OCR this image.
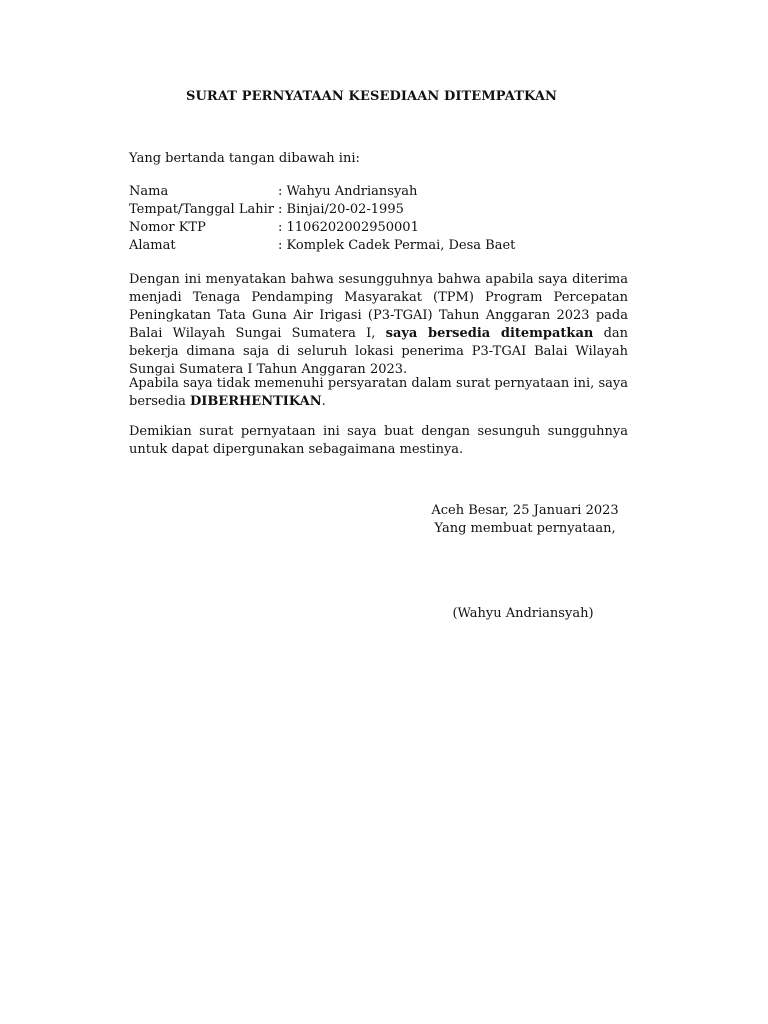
SURAT PERNYATAAN KESEDIAAN DITEMPATKAN
Yang bertanda tangan dibawah ini:
Nama	: Wahyu Andriansyah
Tempat/Tanggal Lahir : Binjai/20-02-1995
Nomor KTP	: 1106202002950001
Alamat	: Komplek Cadek Permai, Desa Baet

Dengan ini menyatakan bahwa sesungguhnya bahwa apabila saya diterima menjadi Tenaga Pendamping Masyarakat (TPM) Program Percepatan Peningkatan Tata Guna Air Irigasi (P3-TGAI) Tahun Anggaran 2023 pada Balai Wilayah Sungai Sumatera I, saya bersedia ditempatkan dan bekerja dimana saja di seluruh lokasi penerima P3-TGAI Balai Wilayah Sungai Sumatera I Tahun Anggaran 2023.

Apabila saya tidak memenuhi persyaratan dalam surat pernyataan ini, saya bersedia DIBERHENTIKAN.

Demikian surat pernyataan ini saya buat dengan sesunguh sungguhnya untuk dapat dipergunakan sebagaimana mestinya.

Aceh Besar, 25 Januari 2023
Yang membuat pernyataan,
(Wahyu Andriansyah)
